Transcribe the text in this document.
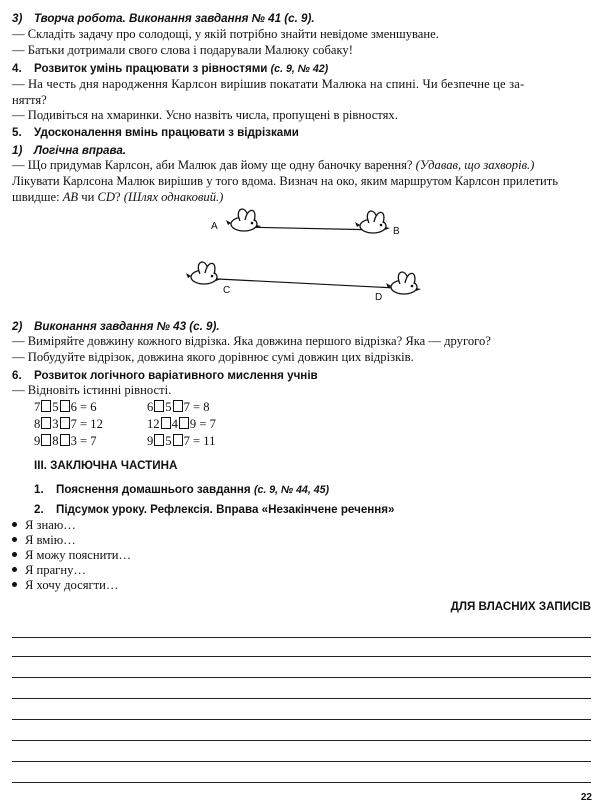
3) Творча робота. Виконання завдання № 41 (с. 9).
— Складіть задачу про солодощі, у якій потрібно знайти невідоме зменшуване.
— Батьки дотримали свого слова і подарували Малюку собаку!
4. Розвиток умінь працювати з рівностями (с. 9, № 42)
— На честь дня народження Карлсон вирішив покатати Малюка на спині. Чи безпечне це за-
няття?
— Подивіться на хмаринки. Усно назвіть числа, пропущені в рівностях.
5. Удосконалення вмінь працювати з відрізками
1) Логічна вправа.
— Що придумав Карлсон, аби Малюк дав йому ще одну баночку варення? (Удавав, що захворів.)
Лікувати Карлсона Малюк вирішив у того вдома. Визнач на око, яким маршрутом Карлсон прилетить
швидше: AB чи CD? (Шлях однаковий.)
A	B
C
D
2) Виконання завдання № 43 (с. 9).
— Виміряйте довжину кожного відрізка. Яка довжина першого відрізка? Яка — другого?
— Побудуйте відрізок, довжина якого дорівнює сумі довжин цих відрізків.
6. Розвиток логічного варіативного мислення учнів
— Відновіть істинні рівності.
7 5 6 = 6	6 5 7 = 8
8 3 7 = 12	12 4 9 = 7
9 8 3 = 7	9 5 7 = 11
III. ЗАКЛЮЧНА ЧАСТИНА
1. Пояснення домашнього завдання (с. 9, № 44, 45)
2. Підсумок уроку. Рефлексія. Вправа «Незакінчене речення»
Я знаю…
Я вмію…
Я можу пояснити…
Я прагну…
Я хочу досягти…
ДЛЯ ВЛАСНИХ ЗАПИСІВ
22
